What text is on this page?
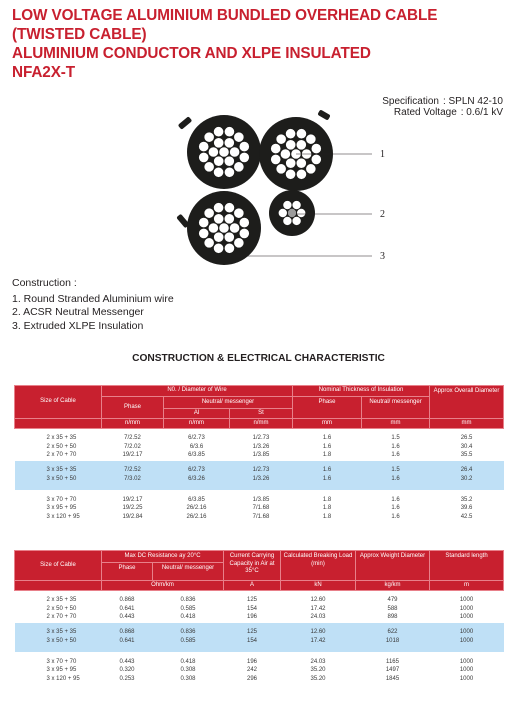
LOW VOLTAGE ALUMINIUM BUNDLED OVERHEAD CABLE
(TWISTED CABLE)
ALUMINIUM CONDUCTOR AND XLPE INSULATED
NFA2X-T
Specification : SPLN 42-10
Rated Voltage : 0.6/1 kV
1
2
3
Construction :
1. Round Stranded Aluminium wire
2. ACSR Neutral Messenger
3. Extruded XLPE Insulation
CONSTRUCTION & ELECTRICAL CHARACTERISTIC
Size of Cable	N0. / Diameter of Wire			Nominal Thickness of Insulation		Approx Overall Diameter
	Phase	Neutral/ messenger		Phase	Neutral/ messenger	
		Al	St			
	n/mm	n/mm	n/mm	mm	mm	mm

2 x 35 + 35	7/2.52	6/2.73	1/2.73	1.6	1.5	26.5
2 x 50 + 50	7/2.02	6/3.6	1/3.26	1.6	1.6	30.4
2 x 70 + 70	19/2.17	6/3.85	1/3.85	1.8	1.6	35.5

3 x 35 + 35	7/2.52	6/2.73	1/2.73	1.6	1.5	26.4
3 x 50 + 50	7/3.02	6/3.26	1/3.26	1.6	1.6	30.2

3 x 70 + 70	19/2.17	6/3.85	1/3.85	1.8	1.6	35.2
3 x 95 + 95	19/2.25	26/2.16	7/1.68	1.8	1.6	39.6
3 x 120 + 95	19/2.84	26/2.16	7/1.68	1.8	1.6	42.5
Size of Cable	Max DC Resistance ay 20°C		Current Carrying Capacity in Air at 35°C	Calculated Breaking Load (min)	Approx Weight Diameter	Standard length
	Phase	Neutral/ messenger				
	Ohm/km		A	kN	kg/km	m

2 x 35 + 35	0.868	0.836	125	12.60	479	1000
2 x 50 + 50	0.641	0.585	154	17.42	588	1000
2 x 70 + 70	0.443	0.418	196	24.03	898	1000

3 x 35 + 35	0.868	0.836	125	12.60	622	1000
3 x 50 + 50	0.641	0.585	154	17.42	1018	1000

3 x 70 + 70	0.443	0.418	196	24.03	1165	1000
3 x 95 + 95	0.320	0.308	242	35.20	1497	1000
3 x 120 + 95	0.253	0.308	296	35.20	1845	1000
